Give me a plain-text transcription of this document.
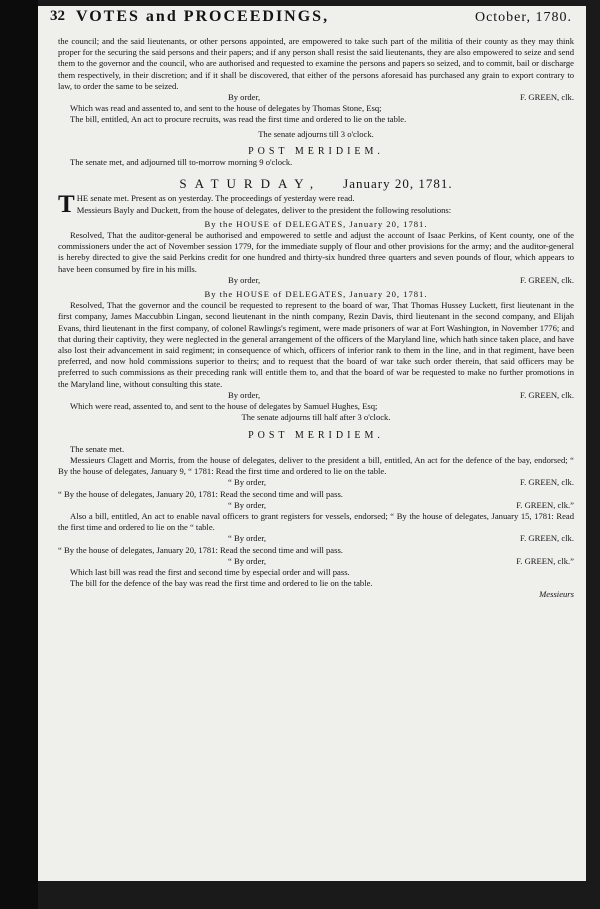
32 VOTES and PROCEEDINGS,	October, 1780.

the council; and the said lieutenants, or other persons appointed, are empowered to take such part of the militia of their county as they may think proper for the securing the said persons and their papers; and if any person shall resist the said lieutenants, they are also empowered to seize and send them to the governor and the council, who are authorised and requested to examine the persons and papers so seized, and to commit, bail or discharge them respectively, in their discretion; and if it shall be discovered, that either of the persons aforesaid has purchased any grain to export contrary to law, to order the same to be seized.

By order,	F. GREEN, clk.

Which was read and assented to, and sent to the house of delegates by Thomas Stone, Esq;

The bill, entitled, An act to procure recruits, was read the first time and ordered to lie on the table.

The senate adjourns till 3 o'clock.

POST MERIDIEM.

The senate met, and adjourned till to-morrow morning 9 o'clock.

SATURDAY, January 20, 1781.

THE senate met. Present as on yesterday. The proceedings of yesterday were read.

Messieurs Bayly and Duckett, from the house of delegates, deliver to the president the following resolutions:

By the HOUSE of DELEGATES, January 20, 1781.

Resolved, That the auditor-general be authorised and empowered to settle and adjust the account of Isaac Perkins, of Kent county, one of the commissioners under the act of November session 1779, for the immediate supply of flour and other provisions for the army; and the auditor-general is hereby directed to give the said Perkins credit for one hundred and thirty-six hundred three quarters and seven pounds of flour, which appears to have been consumed by fire in his mills.

By order,	F. GREEN, clk.

By the HOUSE of DELEGATES, January 20, 1781.

Resolved, That the governor and the council be requested to represent to the board of war, That Thomas Hussey Luckett, first lieutenant in the first company, James Maccubbin Lingan, second lieutenant in the ninth company, Rezin Davis, third lieutenant in the second company, and Elijah Evans, third lieutenant in the first company, of colonel Rawlings's regiment, were made prisoners of war at Fort Washington, in November 1776; and that during their captivity, they were neglected in the general arrangement of the officers of the Maryland line, which hath since taken place, and have also lost their advancement in said regiment; in consequence of which, officers of inferior rank to them in the line, and in that regiment, have been preferred, and now hold commissions superior to theirs; and to request that the board of war take such order therein, that said officers may be preferred to such commissions as their preceding rank will entitle them to, and that the board of war be requested to make no further promotions in the Maryland line, without consulting this state.

By order,	F. GREEN, clk.

Which were read, assented to, and sent to the house of delegates by Samuel Hughes, Esq;

The senate adjourns till half after 3 o'clock.

POST MERIDIEM.

The senate met.

Messieurs Clagett and Morris, from the house of delegates, deliver to the president a bill, entitled, An act for the defence of the bay, endorsed; “ By the house of delegates, January 9, “ 1781: Read the first time and ordered to lie on the table.

“ By order,	F. GREEN, clk.

“ By the house of delegates, January 20, 1781: Read the second time and will pass.

“ By order,	F. GREEN, clk.”

Also a bill, entitled, An act to enable naval officers to grant registers for vessels, endorsed; “ By the house of delegates, January 15, 1781: Read the first time and ordered to lie on the “ table.

“ By order,	F. GREEN, clk.

“ By the house of delegates, January 20, 1781: Read the second time and will pass.

“ By order,	F. GREEN, clk.”

Which last bill was read the first and second time by especial order and will pass.

The bill for the defence of the bay was read the first time and ordered to lie on the table.

Messieurs
